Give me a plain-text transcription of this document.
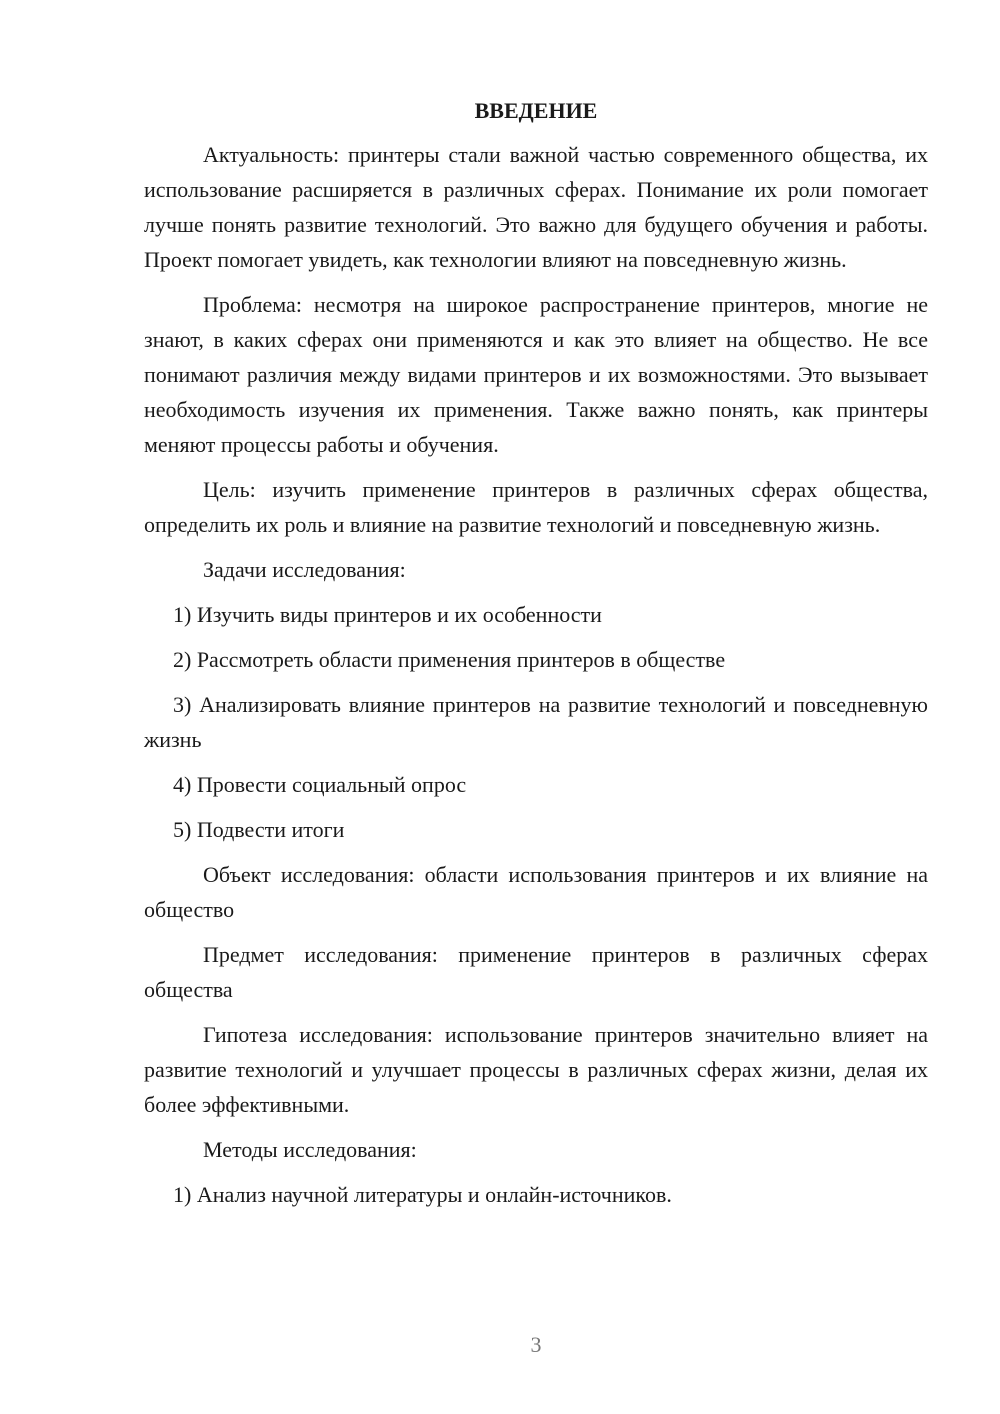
ВВЕДЕНИЕ

Актуальность: принтеры стали важной частью современного общества, их использование расширяется в различных сферах. Понимание их роли помогает лучше понять развитие технологий. Это важно для будущего обучения и работы. Проект помогает увидеть, как технологии влияют на повседневную жизнь.

Проблема: несмотря на широкое распространение принтеров, многие не знают, в каких сферах они применяются и как это влияет на общество. Не все понимают различия между видами принтеров и их возможностями. Это вызывает необходимость изучения их применения. Также важно понять, как принтеры меняют процессы работы и обучения.

Цель: изучить применение принтеров в различных сферах общества, определить их роль и влияние на развитие технологий и повседневную жизнь.

Задачи исследования:

1) Изучить виды принтеров и их особенности

2) Рассмотреть области применения принтеров в обществе

3) Анализировать влияние принтеров на развитие технологий и повседневную жизнь

4) Провести социальный опрос

5) Подвести итоги

Объект исследования: области использования принтеров и их влияние на общество

Предмет исследования: применение принтеров в различных сферах общества

Гипотеза исследования: использование принтеров значительно влияет на развитие технологий и улучшает процессы в различных сферах жизни, делая их более эффективными.

Методы исследования:

1) Анализ научной литературы и онлайн-источников.

3
